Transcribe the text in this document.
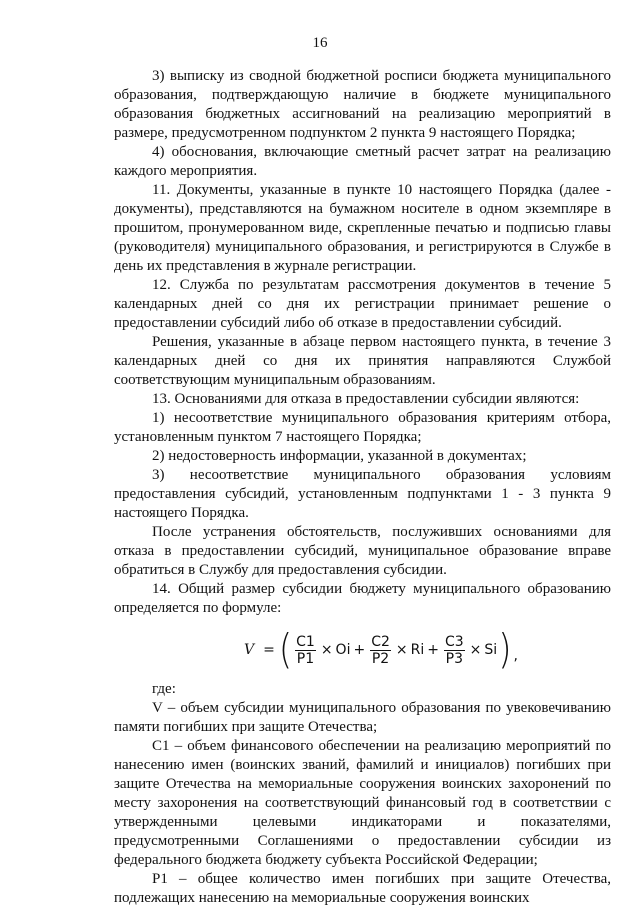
16

3) выписку из сводной бюджетной росписи бюджета муниципального образования, подтверждающую наличие в бюджете муниципального образования бюджетных ассигнований на реализацию мероприятий в размере, предусмотренном подпунктом 2 пункта 9 настоящего Порядка;

4) обоснования, включающие сметный расчет затрат на реализацию каждого мероприятия.

11. Документы, указанные в пункте 10 настоящего Порядка (далее - документы), представляются на бумажном носителе в одном экземпляре в прошитом, пронумерованном виде, скрепленные печатью и подписью главы (руководителя) муниципального образования, и регистрируются в Службе в день их представления в журнале регистрации.

12. Служба по результатам рассмотрения документов в течение 5 календарных дней со дня их регистрации принимает решение о предоставлении субсидий либо об отказе в предоставлении субсидий.

Решения, указанные в абзаце первом настоящего пункта, в течение 3 календарных дней со дня их принятия направляются Службой соответствующим муниципальным образованиям.

13. Основаниями для отказа в предоставлении субсидии являются:

1) несоответствие муниципального образования критериям отбора, установленным пунктом 7 настоящего Порядка;

2) недостоверность информации, указанной в документах;

3) несоответствие муниципального образования условиям предоставления субсидий, установленным подпунктами 1 - 3 пункта 9 настоящего Порядка.

После устранения обстоятельств, послуживших основаниями для отказа в предоставлении субсидий, муниципальное образование вправе обратиться в Службу для предоставления субсидии.

14. Общий размер субсидии бюджету муниципального образованию определяется по формуле:

V = ( $\frac{C1}{P1} \times Oi + \frac{C2}{P2} \times Ri + \frac{C3}{P3} \times Si$ ) ,

где:

V – объем субсидии муниципального образования по увековечиванию памяти погибших при защите Отечества;

C1 – объем финансового обеспечении на реализацию мероприятий по нанесению имен (воинских званий, фамилий и инициалов) погибших при защите Отечества на мемориальные сооружения воинских захоронений по месту захоронения на соответствующий финансовый год в соответствии с утвержденными целевыми индикаторами и показателями, предусмотренными Соглашениями о предоставлении субсидии из федерального бюджета бюджету субъекта Российской Федерации;

P1 – общее количество имен погибших при защите Отечества, подлежащих нанесению на мемориальные сооружения воинских
